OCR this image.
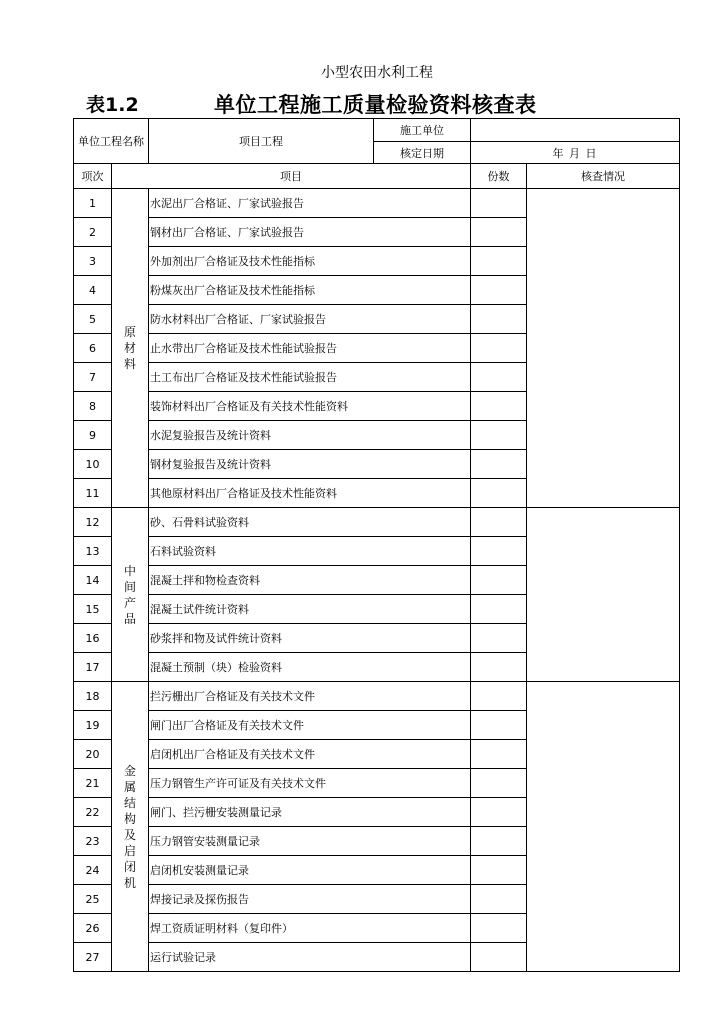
小型农田水利工程
表1.2	单位工程施工质量检验资料核查表
单位工程名称		项目工程	施工单位		
			核定日期	年 月 日	
项次	项目			份数	核查情况
1	原材料	水泥出厂合格证、厂家试验报告			
2		钢材出厂合格证、厂家试验报告			
3		外加剂出厂合格证及技术性能指标			
4		粉煤灰出厂合格证及技术性能指标			
5		防水材料出厂合格证、厂家试验报告			
6		止水带出厂合格证及技术性能试验报告			
7		土工布出厂合格证及技术性能试验报告			
8		装饰材料出厂合格证及有关技术性能资料			
9		水泥复验报告及统计资料			
10		钢材复验报告及统计资料			
11		其他原材料出厂合格证及技术性能资料			
12	中间产品	砂、石骨料试验资料			
13		石料试验资料			
14		混凝土拌和物检查资料			
15		混凝土试件统计资料			
16		砂浆拌和物及试件统计资料			
17		混凝土预制（块）检验资料			
18	金属结构及启闭机	拦污栅出厂合格证及有关技术文件			
19		闸门出厂合格证及有关技术文件			
20		启闭机出厂合格证及有关技术文件			
21		压力钢管生产许可证及有关技术文件			
22		闸门、拦污栅安装测量记录			
23		压力钢管安装测量记录			
24		启闭机安装测量记录			
25		焊接记录及探伤报告			
26		焊工资质证明材料（复印件）			
27		运行试验记录			
